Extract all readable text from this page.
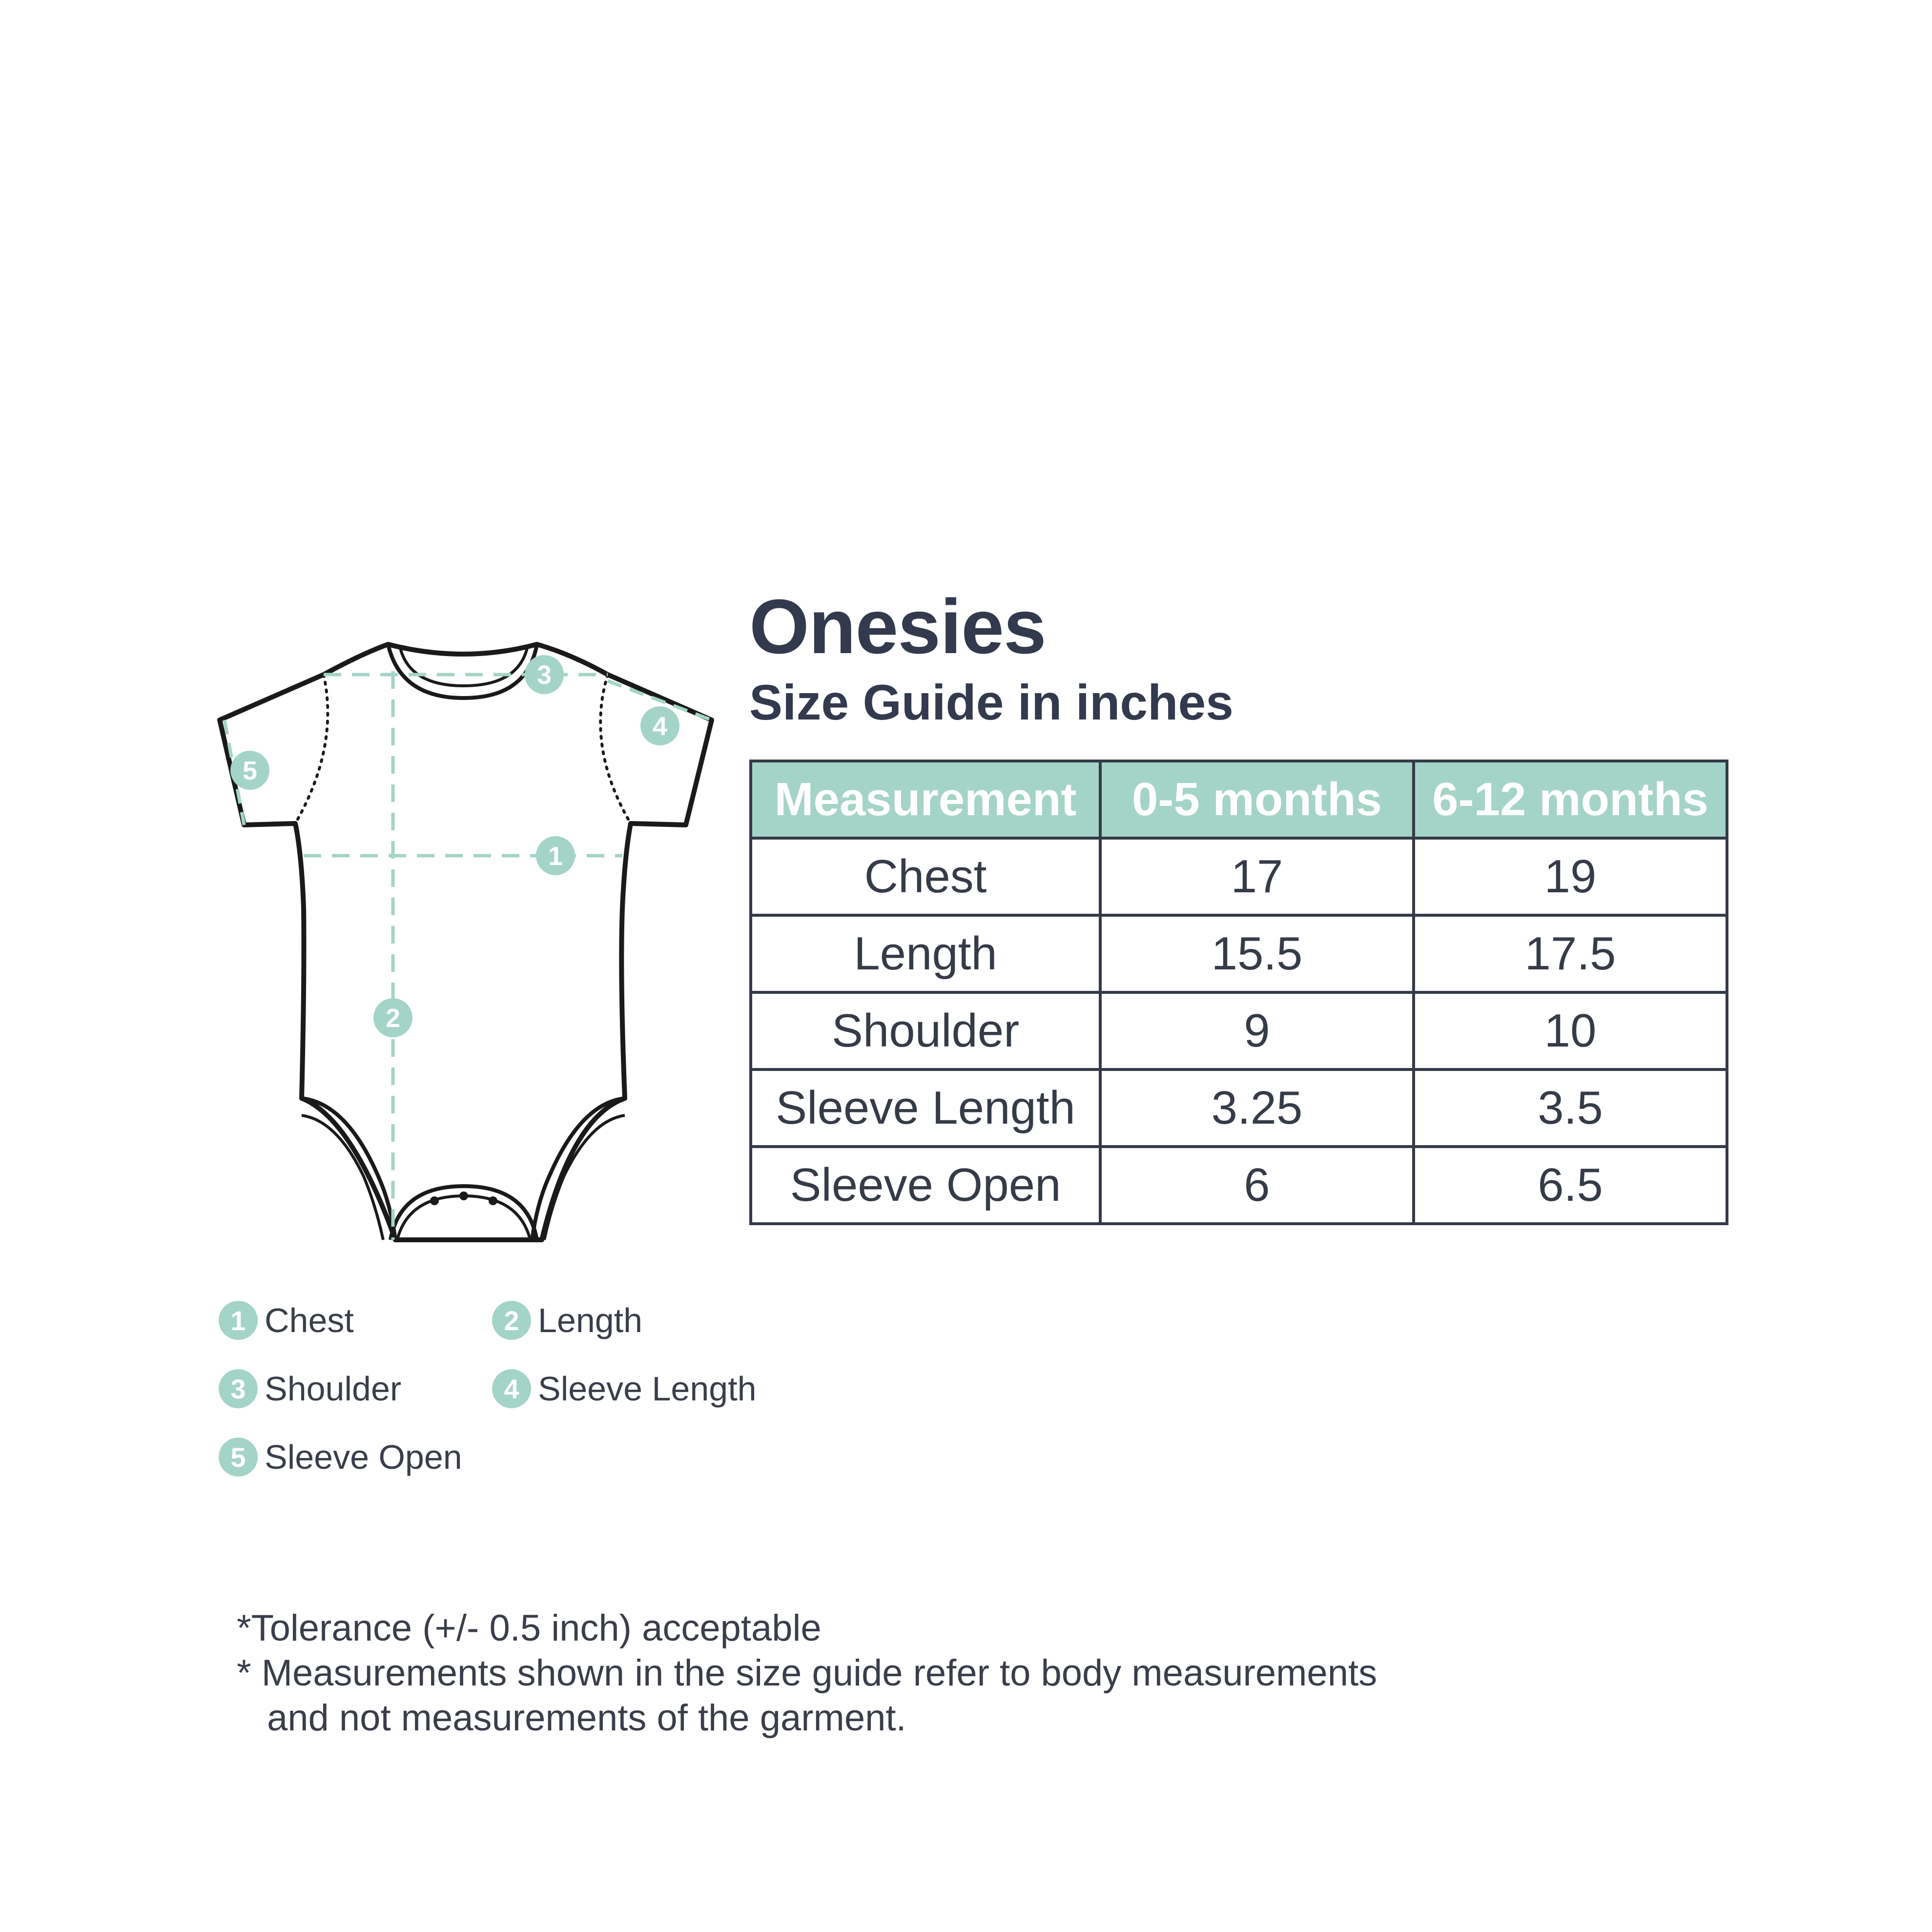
1
2
3
4
5
Onesies
Size Guide in inches
Measurement	0-5 months	6-12 months
Chest	17	19
Length	15.5	17.5
Shoulder	9	10
Sleeve Length	3.25	3.5
Sleeve Open	6	6.5
1 Chest	2 Length
3 Shoulder	4 Sleeve Length
5 Sleeve Open
*Tolerance (+/- 0.5 inch) acceptable
* Measurements shown in the size guide refer to body measurements
and not measurements of the garment.
